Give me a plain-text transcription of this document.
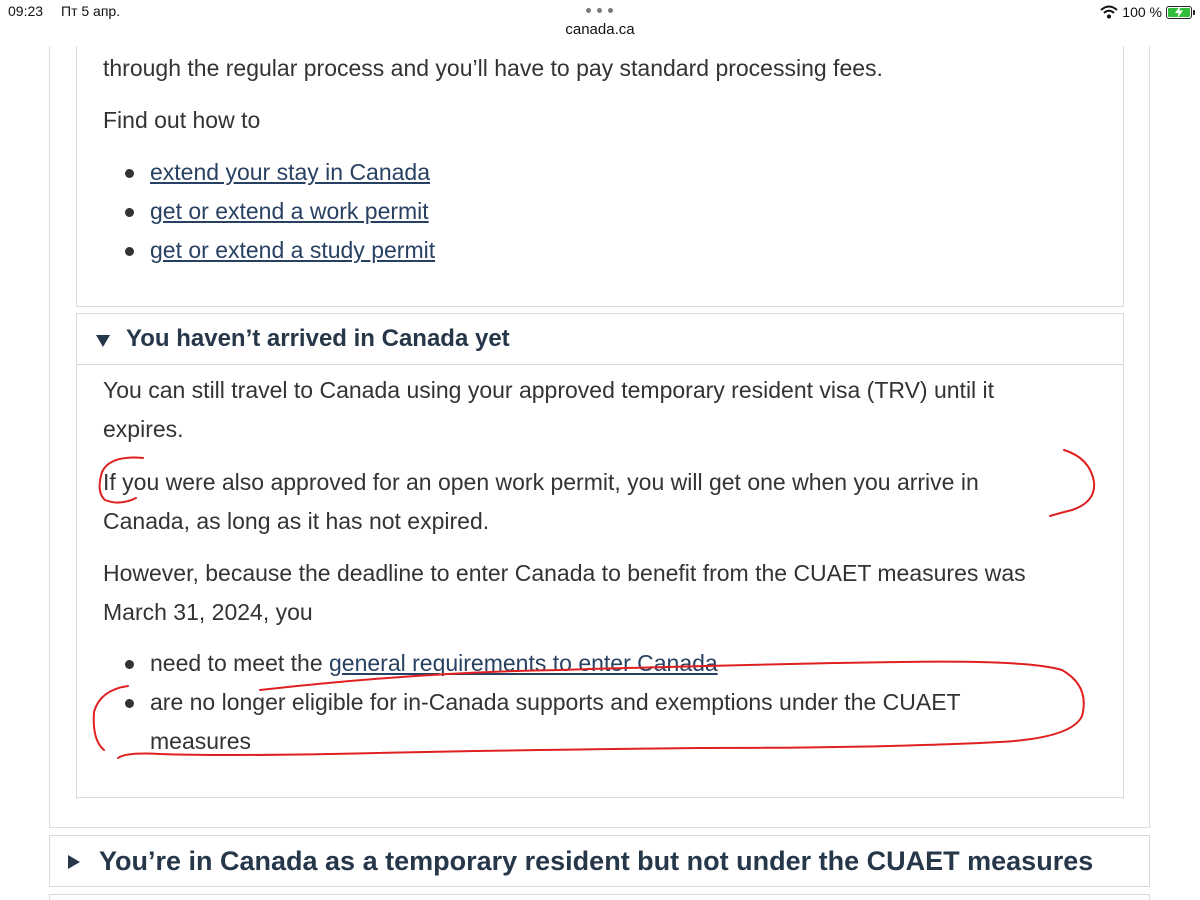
09:23 Пт 5 апр.
canada.ca
100 %

through the regular process and you’ll have to pay standard processing fees.

Find out how to

extend your stay in Canada
get or extend a work permit
get or extend a study permit
You haven’t arrived in Canada yet

You can still travel to Canada using your approved temporary resident visa (TRV) until it
expires.

If you were also approved for an open work permit, you will get one when you arrive in
Canada, as long as it has not expired.

However, because the deadline to enter Canada to benefit from the CUAET measures was
March 31, 2024, you

need to meet the general requirements to enter Canada
are no longer eligible for in-Canada supports and exemptions under the CUAET
measures
You’re in Canada as a temporary resident but not under the CUAET measures
